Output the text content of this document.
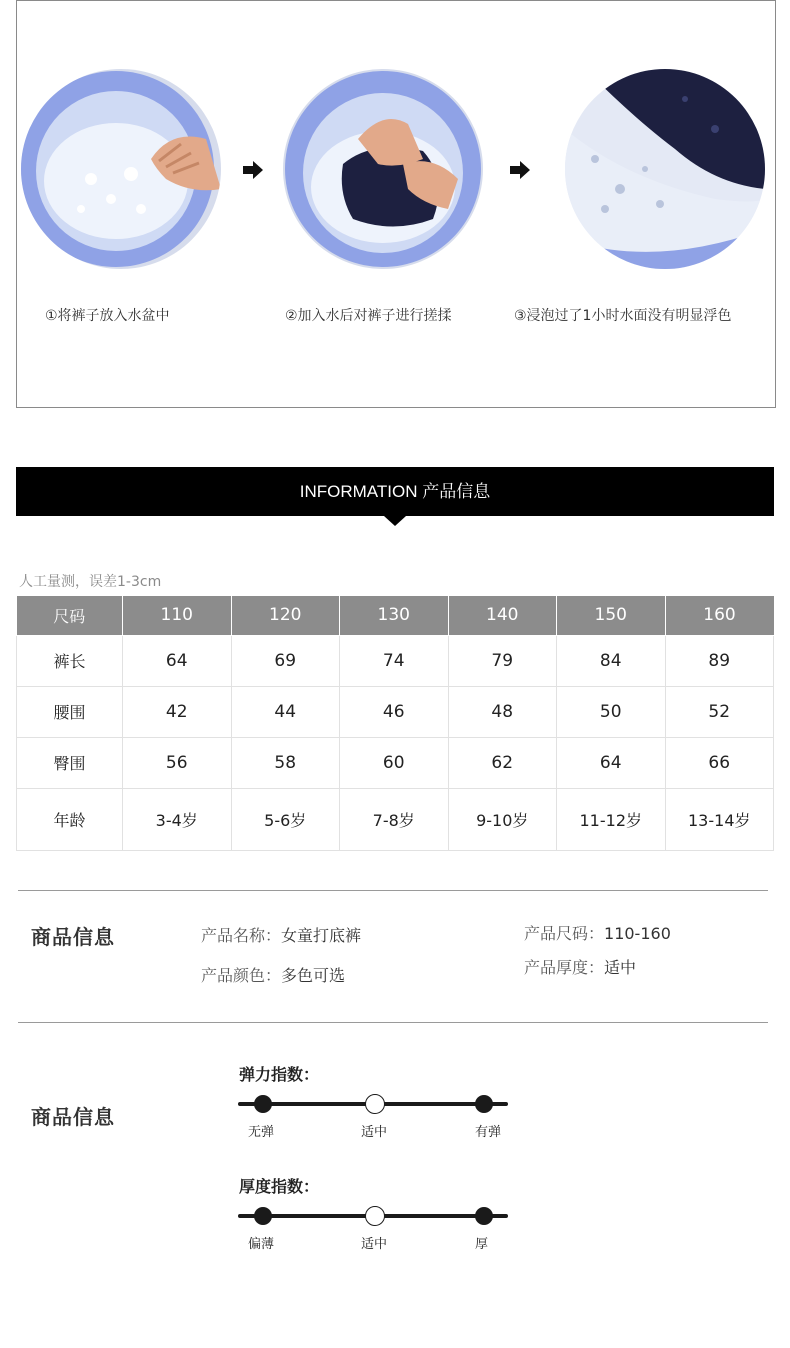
①将裤子放入水盆中	②加入水后对裤子进行搓揉	③浸泡过了1小时水面没有明显浮色
INFORMATION 产品信息
人工量测，误差1-3cm
尺码	110	120	130	140	150	160
裤长	64	69	74	79	84	89
腰围	42	44	46	48	50	52
臀围	56	58	60	62	64	66
年龄	3-4岁	5-6岁	7-8岁	9-10岁	11-12岁	13-14岁
商品信息	产品名称：女童打底裤
产品颜色：多色可选
产品尺码：110-160
产品厚度：适中
商品信息
弹力指数：
无弹	适中	有弹
厚度指数：
偏薄	适中	厚
